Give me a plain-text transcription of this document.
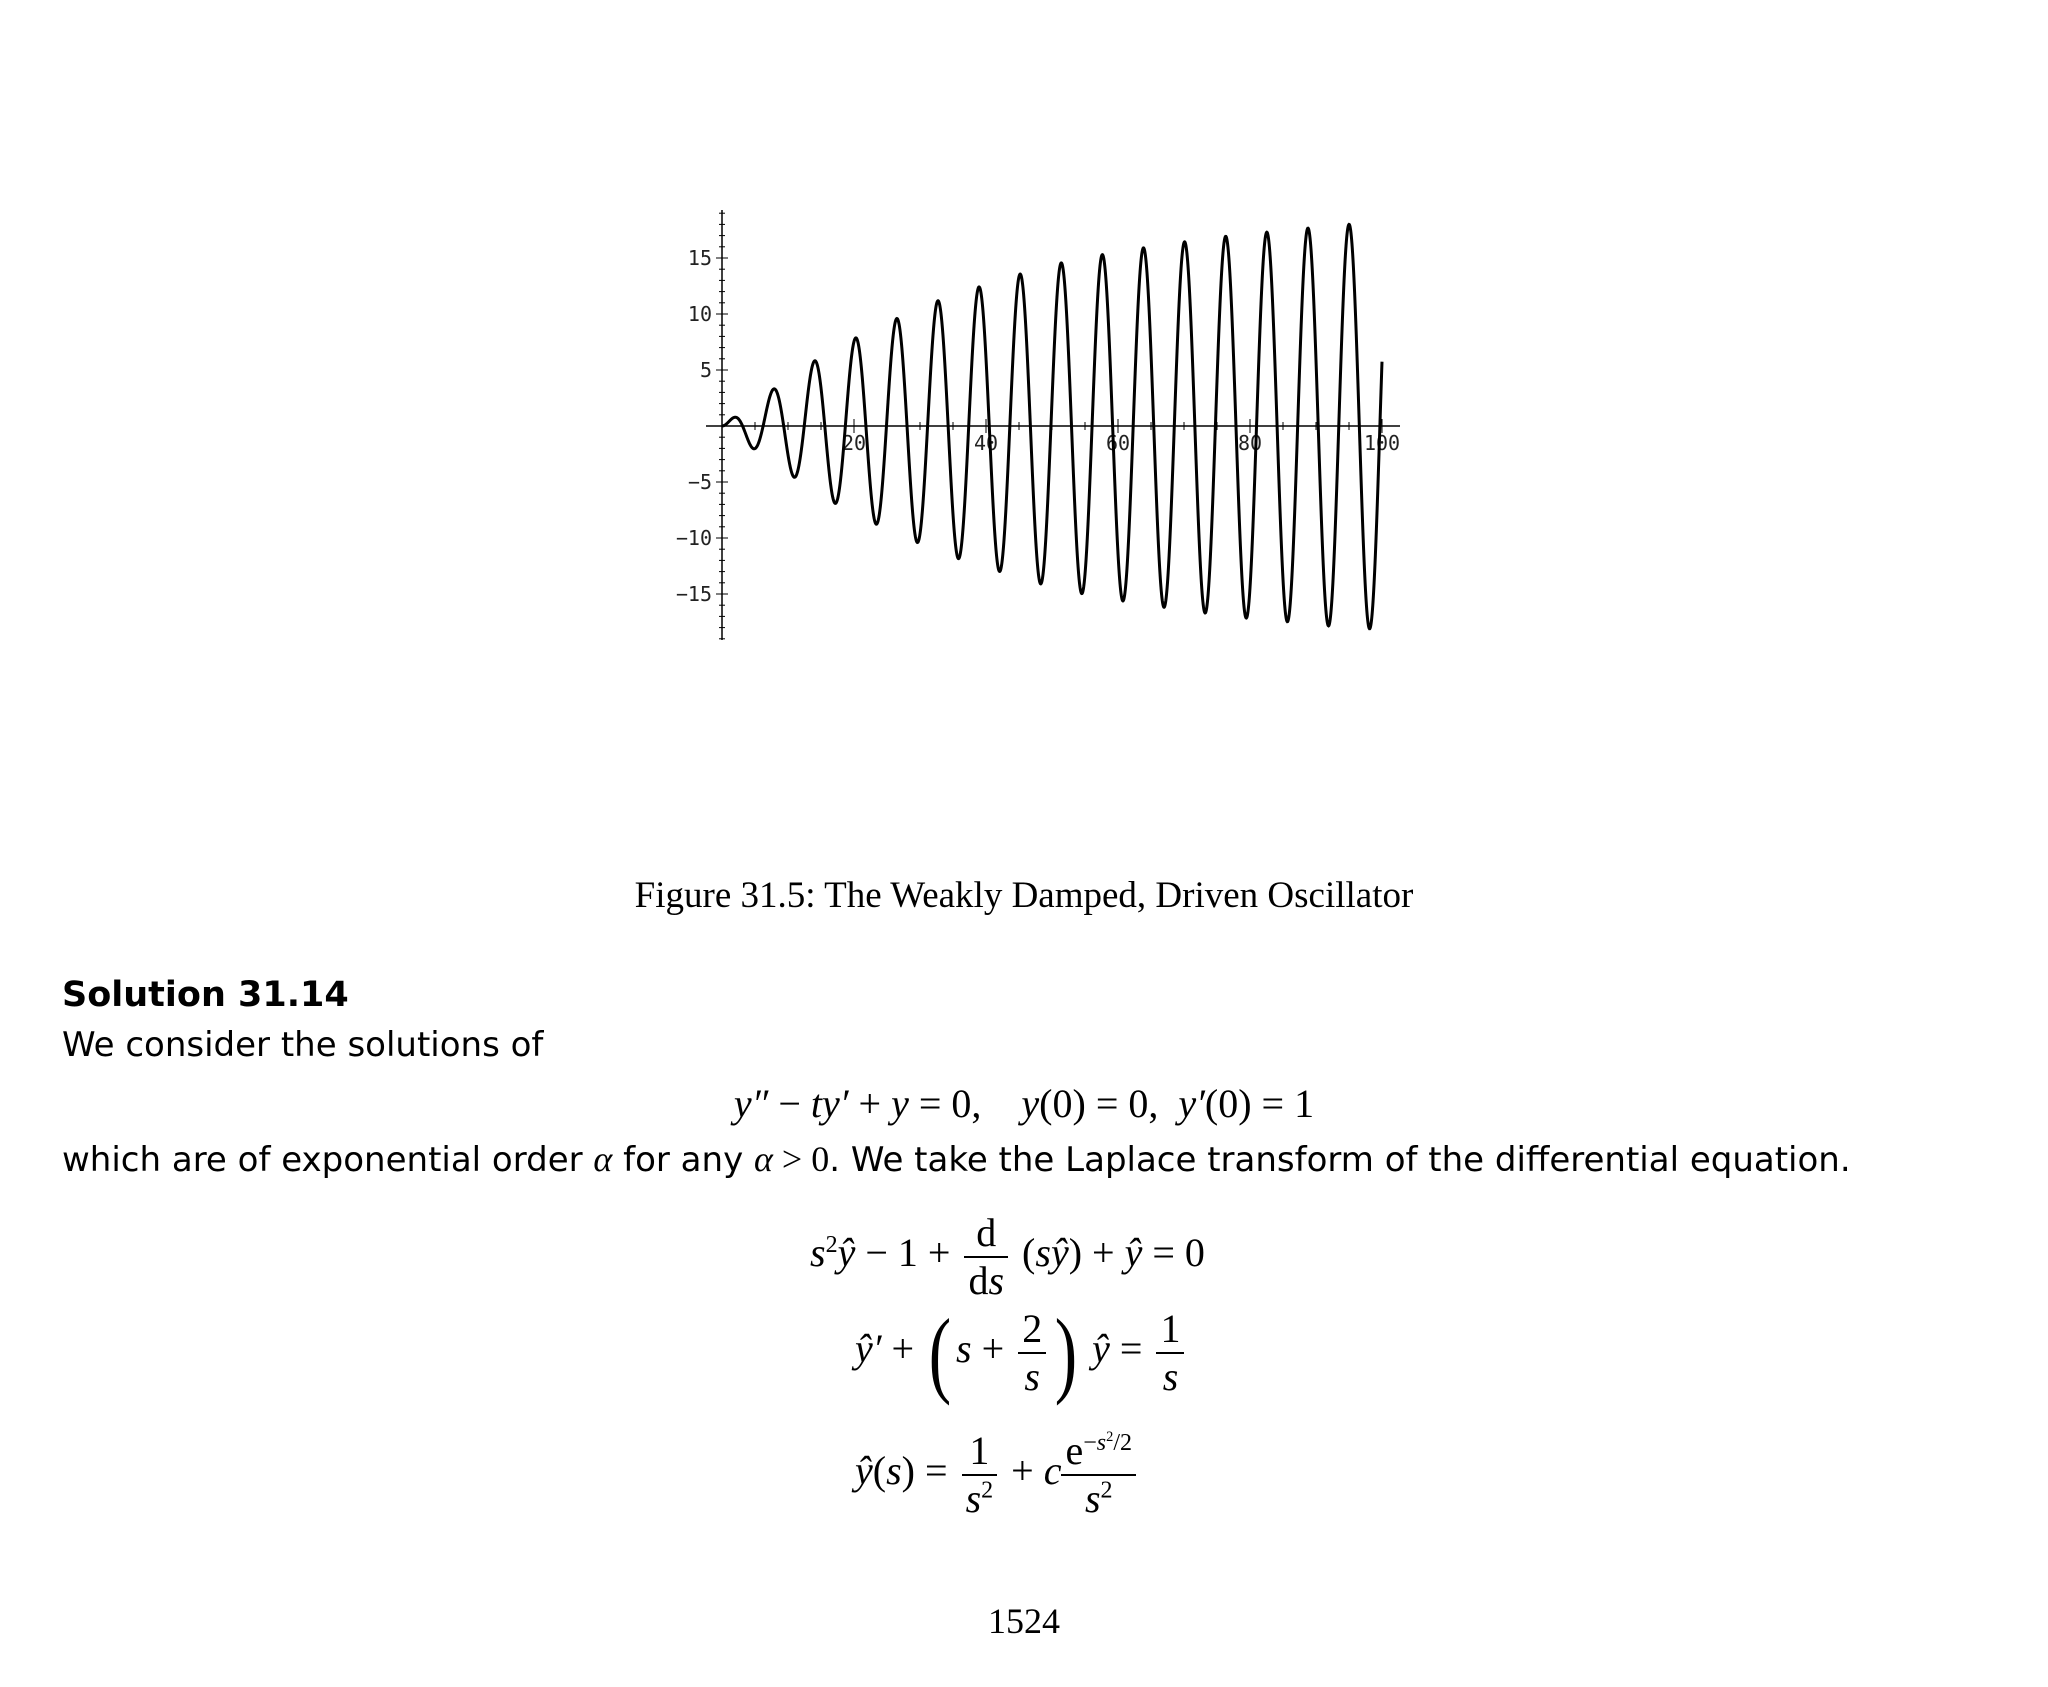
20	40	60	80	100
15
10
5
−5
−10
−15
Figure 31.5: The Weakly Damped, Driven Oscillator
Solution 31.14
We consider the solutions of
y″ − ty′ + y = 0,    y(0) = 0,  y′(0) = 1
which are of exponential order α for any α > 0. We take the Laplace transform of the differential equation.
$s^2ŷ - 1 + \frac{d}{ds}$ (sŷ) + ŷ = 0
ŷ′ + ( $s + \frac{2}{s}$ ) ŷ = $\frac{1}{s}$
ŷ(s) = $\frac{1}{s^2} + c \frac{e^{-s^2/2}}{s^2}$
1524
